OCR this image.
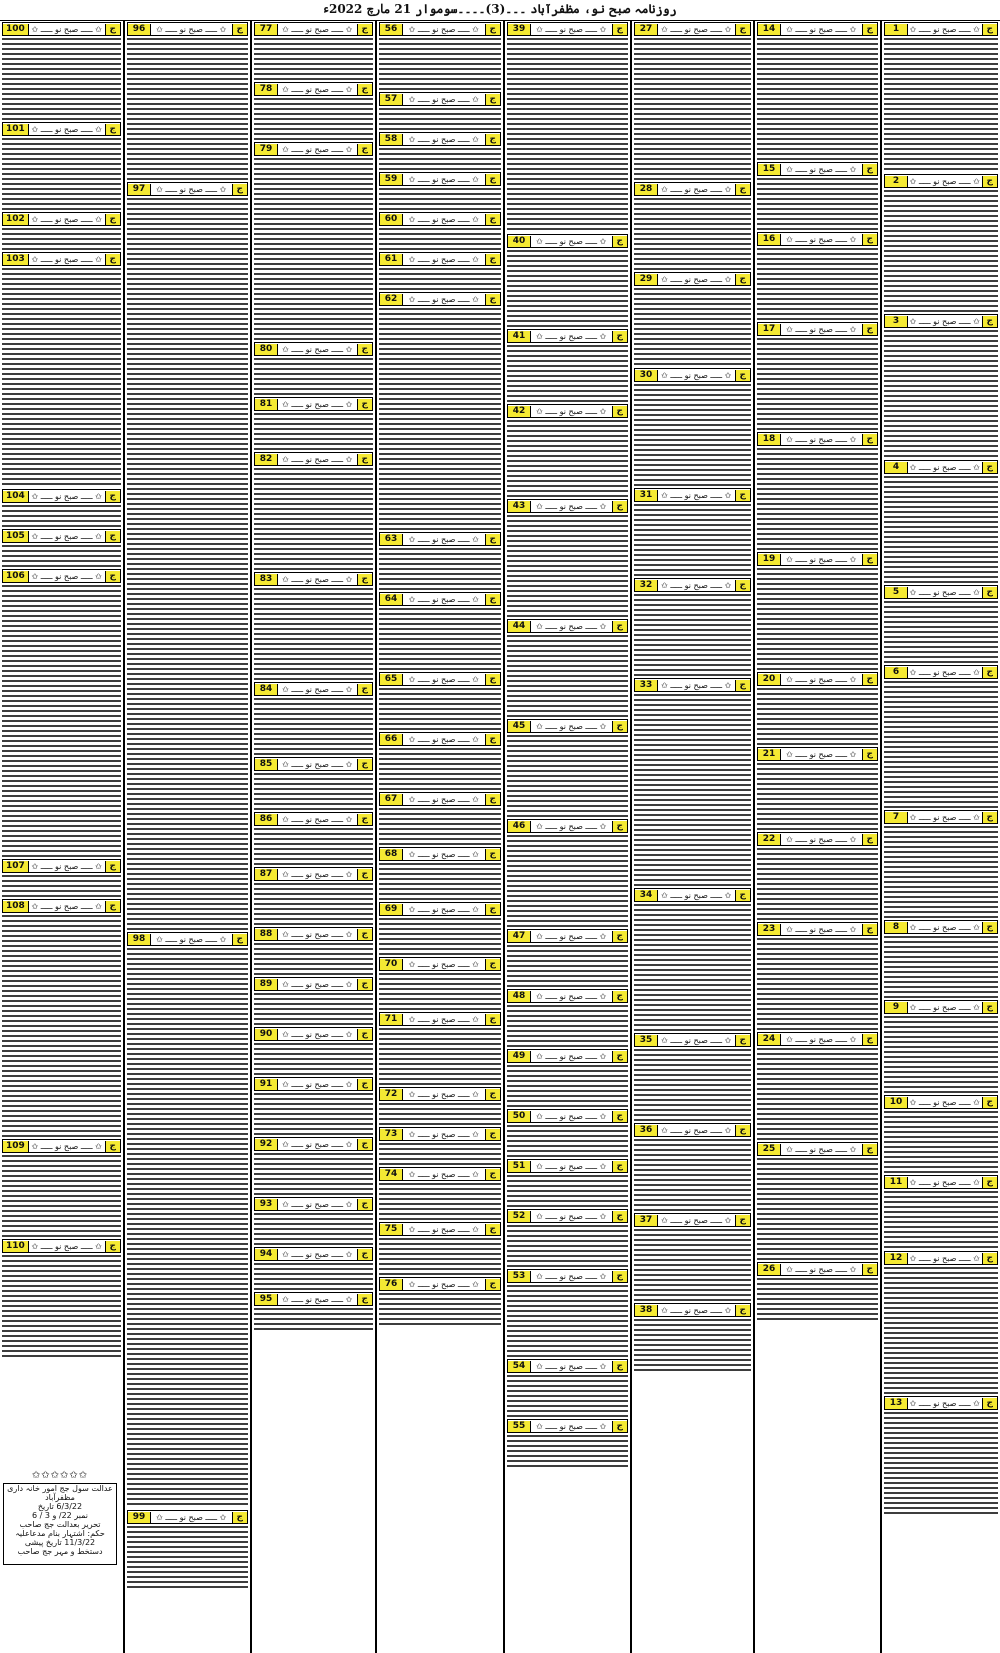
روزنامہ صبح نو، مظفرآباد ۔۔۔(3)۔۔۔۔سوموار 21 مارچ 2022ء
1	✩ ـــــ صبح نو ـــــ ✩ ج
2	✩ ـــــ صبح نو ـــــ ✩ ج
3	✩ ـــــ صبح نو ـــــ ✩ ج
4	✩ ـــــ صبح نو ـــــ ✩ ج
5	✩ ـــــ صبح نو ـــــ ✩ ج
6	✩ ـــــ صبح نو ـــــ ✩ ج
7	✩ ـــــ صبح نو ـــــ ✩ ج
8	✩ ـــــ صبح نو ـــــ ✩ ج
9	✩ ـــــ صبح نو ـــــ ✩ ج
10 ✩ ـــــ صبح نو ـــــ ✩ ج
11 ✩ ـــــ صبح نو ـــــ ✩ ج
12 ✩ ـــــ صبح نو ـــــ ✩ ج
13 ✩ ـــــ صبح نو ـــــ ✩ ج
14	✩ ـــــ صبح نو ـــــ ✩	ج
15	✩ ـــــ صبح نو ـــــ ✩	ج
16	✩ ـــــ صبح نو ـــــ ✩	ج
17	✩ ـــــ صبح نو ـــــ ✩	ج
18	✩ ـــــ صبح نو ـــــ ✩	ج
19	✩ ـــــ صبح نو ـــــ ✩	ج
20	✩ ـــــ صبح نو ـــــ ✩	ج
21	✩ ـــــ صبح نو ـــــ ✩	ج
22	✩ ـــــ صبح نو ـــــ ✩	ج
23	✩ ـــــ صبح نو ـــــ ✩	ج
24	✩ ـــــ صبح نو ـــــ ✩	ج
25	✩ ـــــ صبح نو ـــــ ✩	ج
26	✩ ـــــ صبح نو ـــــ ✩	ج
27	✩ ـــــ صبح نو ـــــ ✩ ج
28	✩ ـــــ صبح نو ـــــ ✩ ج
29	✩ ـــــ صبح نو ـــــ ✩ ج
30	✩ ـــــ صبح نو ـــــ ✩ ج
31	✩ ـــــ صبح نو ـــــ ✩ ج
32	✩ ـــــ صبح نو ـــــ ✩ ج
33	✩ ـــــ صبح نو ـــــ ✩ ج
34	✩ ـــــ صبح نو ـــــ ✩ ج
35	✩ ـــــ صبح نو ـــــ ✩ ج
36	✩ ـــــ صبح نو ـــــ ✩ ج
37	✩ ـــــ صبح نو ـــــ ✩ ج
38	✩ ـــــ صبح نو ـــــ ✩ ج
39	✩ ـــــ صبح نو ـــــ ✩	ج
40	✩ ـــــ صبح نو ـــــ ✩	ج
41	✩ ـــــ صبح نو ـــــ ✩	ج
42	✩ ـــــ صبح نو ـــــ ✩	ج
43	✩ ـــــ صبح نو ـــــ ✩	ج
44	✩ ـــــ صبح نو ـــــ ✩	ج
45	✩ ـــــ صبح نو ـــــ ✩	ج
46	✩ ـــــ صبح نو ـــــ ✩	ج
47	✩ ـــــ صبح نو ـــــ ✩	ج
48	✩ ـــــ صبح نو ـــــ ✩	ج
49	✩ ـــــ صبح نو ـــــ ✩	ج
50	✩ ـــــ صبح نو ـــــ ✩	ج
51	✩ ـــــ صبح نو ـــــ ✩	ج
52	✩ ـــــ صبح نو ـــــ ✩	ج
53	✩ ـــــ صبح نو ـــــ ✩	ج
54	✩ ـــــ صبح نو ـــــ ✩	ج
55	✩ ـــــ صبح نو ـــــ ✩	ج
56	✩ ـــــ صبح نو ـــــ ✩	ج
57	✩ ـــــ صبح نو ـــــ ✩	ج
58	✩ ـــــ صبح نو ـــــ ✩	ج
59	✩ ـــــ صبح نو ـــــ ✩	ج
60	✩ ـــــ صبح نو ـــــ ✩	ج
61	✩ ـــــ صبح نو ـــــ ✩	ج
62	✩ ـــــ صبح نو ـــــ ✩	ج
63	✩ ـــــ صبح نو ـــــ ✩	ج
64	✩ ـــــ صبح نو ـــــ ✩	ج
65	✩ ـــــ صبح نو ـــــ ✩	ج
66	✩ ـــــ صبح نو ـــــ ✩	ج
67	✩ ـــــ صبح نو ـــــ ✩	ج
68	✩ ـــــ صبح نو ـــــ ✩	ج
69	✩ ـــــ صبح نو ـــــ ✩	ج
70	✩ ـــــ صبح نو ـــــ ✩	ج
71	✩ ـــــ صبح نو ـــــ ✩	ج
72	✩ ـــــ صبح نو ـــــ ✩	ج
73	✩ ـــــ صبح نو ـــــ ✩	ج
74	✩ ـــــ صبح نو ـــــ ✩	ج
75	✩ ـــــ صبح نو ـــــ ✩	ج
76	✩ ـــــ صبح نو ـــــ ✩	ج
77	✩ ـــــ صبح نو ـــــ ✩	ج
78	✩ ـــــ صبح نو ـــــ ✩	ج
79	✩ ـــــ صبح نو ـــــ ✩	ج
80	✩ ـــــ صبح نو ـــــ ✩	ج
81	✩ ـــــ صبح نو ـــــ ✩	ج
82	✩ ـــــ صبح نو ـــــ ✩	ج
83	✩ ـــــ صبح نو ـــــ ✩	ج
84	✩ ـــــ صبح نو ـــــ ✩	ج
85	✩ ـــــ صبح نو ـــــ ✩	ج
86	✩ ـــــ صبح نو ـــــ ✩	ج
87	✩ ـــــ صبح نو ـــــ ✩	ج
88	✩ ـــــ صبح نو ـــــ ✩	ج
89	✩ ـــــ صبح نو ـــــ ✩	ج
90	✩ ـــــ صبح نو ـــــ ✩	ج
91	✩ ـــــ صبح نو ـــــ ✩	ج
92	✩ ـــــ صبح نو ـــــ ✩	ج
93	✩ ـــــ صبح نو ـــــ ✩	ج
94	✩ ـــــ صبح نو ـــــ ✩	ج
95	✩ ـــــ صبح نو ـــــ ✩	ج
96	✩ ـــــ صبح نو ـــــ ✩	ج
97	✩ ـــــ صبح نو ـــــ ✩	ج
98	✩ ـــــ صبح نو ـــــ ✩	ج
99	✩ ـــــ صبح نو ـــــ ✩	ج
100 ✩ ـــــ صبح نو ـــــ ✩ ج
101 ✩ ـــــ صبح نو ـــــ ✩ ج
102 ✩ ـــــ صبح نو ـــــ ✩ ج
103 ✩ ـــــ صبح نو ـــــ ✩ ج
104 ✩ ـــــ صبح نو ـــــ ✩ ج
105 ✩ ـــــ صبح نو ـــــ ✩ ج
106 ✩ ـــــ صبح نو ـــــ ✩ ج
107 ✩ ـــــ صبح نو ـــــ ✩ ج
108 ✩ ـــــ صبح نو ـــــ ✩ ج
109 ✩ ـــــ صبح نو ـــــ ✩ ج
110 ✩ ـــــ صبح نو ـــــ ✩ ج
✩✩✩✩✩✩
عدالت سول جج امور خانہ داری مظفرآباد
6/3/22 تاریخ
نمبر 22/ و 3 / 6
تحریر بعدالت جج صاحب
حکم: اشتہار بنام مدعاعلیہ
11/3/22 تاریخ پیشی
دستخط و مہر جج صاحب
